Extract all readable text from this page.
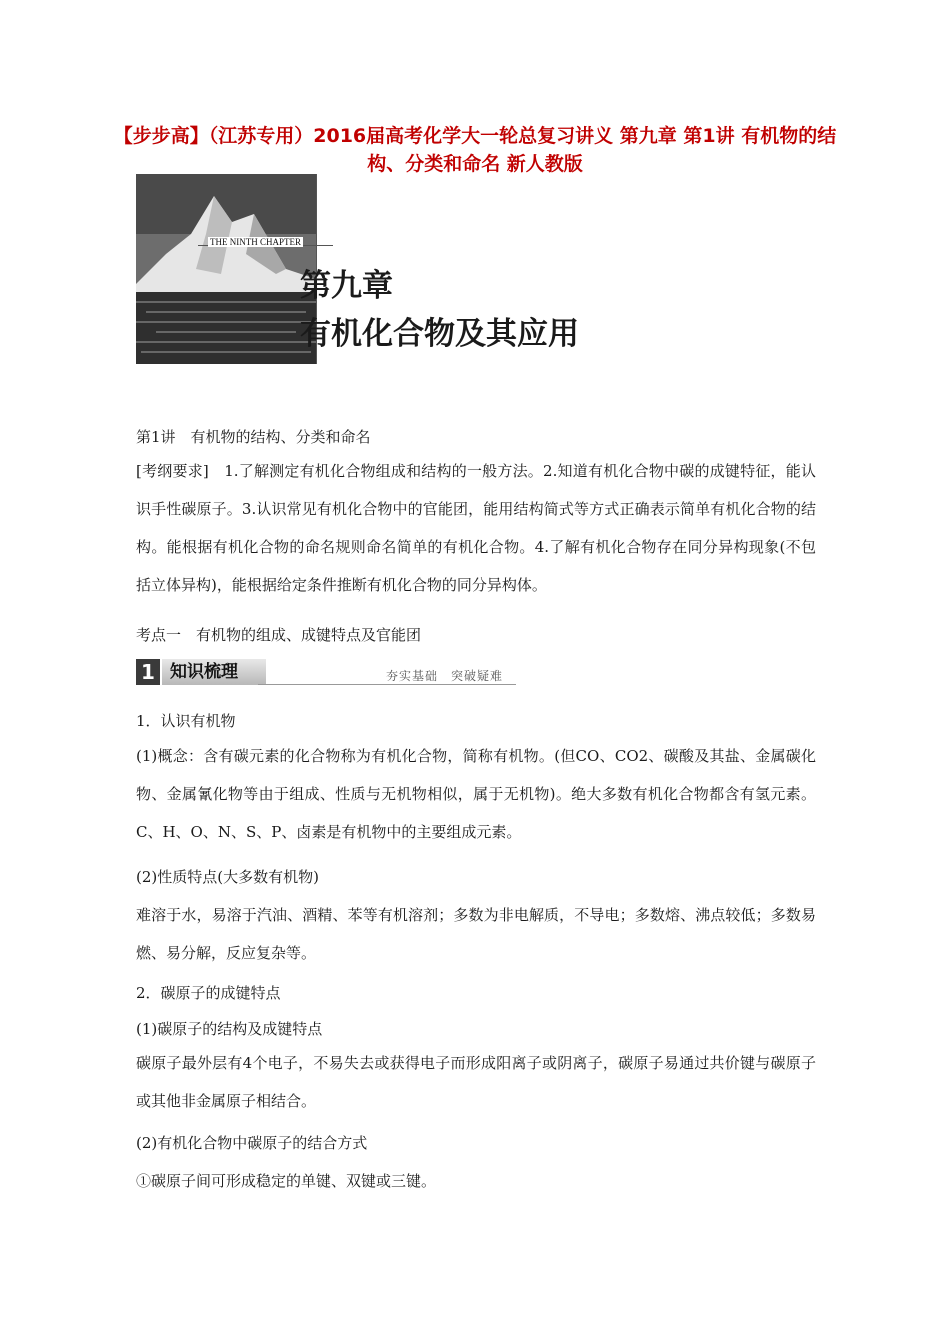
【步步高】（江苏专用）2016届高考化学大一轮总复习讲义 第九章 第1讲 有机物的结构、分类和命名 新人教版
THE NINTH CHAPTER
第九章
有机化合物及其应用
第1讲　有机物的结构、分类和命名
[考纲要求]　1.了解测定有机化合物组成和结构的一般方法。2.知道有机化合物中碳的成键特征，能认识手性碳原子。3.认识常见有机化合物中的官能团，能用结构简式等方式正确表示简单有机化合物的结构。能根据有机化合物的命名规则命名简单的有机化合物。4.了解有机化合物存在同分异构现象(不包括立体异构)，能根据给定条件推断有机化合物的同分异构体。
考点一　有机物的组成、成键特点及官能团
1 知识梳理	夯实基础　突破疑难
1．认识有机物
(1)概念：含有碳元素的化合物称为有机化合物，简称有机物。(但CO、CO2、碳酸及其盐、金属碳化物、金属氰化物等由于组成、性质与无机物相似，属于无机物)。绝大多数有机化合物都含有氢元素。C、H、O、N、S、P、卤素是有机物中的主要组成元素。
(2)性质特点(大多数有机物)
难溶于水，易溶于汽油、酒精、苯等有机溶剂；多数为非电解质，不导电；多数熔、沸点较低；多数易燃、易分解，反应复杂等。
2．碳原子的成键特点
(1)碳原子的结构及成键特点
碳原子最外层有4个电子，不易失去或获得电子而形成阳离子或阴离子，碳原子易通过共价键与碳原子或其他非金属原子相结合。
(2)有机化合物中碳原子的结合方式
①碳原子间可形成稳定的单键、双键或三键。
